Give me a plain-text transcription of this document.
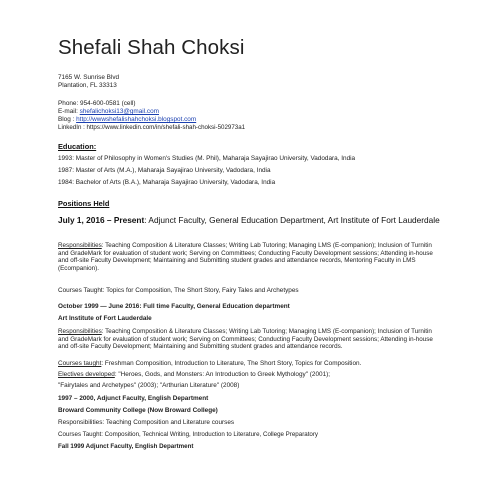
Shefali Shah Choksi
7165 W. Sunrise Blvd
Plantation, FL 33313
Phone: 954-600-0581 (cell)
E-mail: shefalichoksi13@gmail.com
Blog : http://wwwshefalishahchoksi.blogspot.com
LinkedIn : https://www.linkedin.com/in/shefali-shah-choksi-502973a1
Education:
1993: Master of Philosophy in Women's Studies (M. Phil), Maharaja Sayajirao University, Vadodara, India
1987: Master of Arts (M.A.), Maharaja Sayajirao University, Vadodara, India
1984: Bachelor of Arts (B.A.), Maharaja Sayajirao University, Vadodara, India
Positions Held
July 1, 2016 – Present: Adjunct Faculty, General Education Department, Art Institute of Fort Lauderdale
Responsibilities: Teaching Composition & Literature Classes; Writing Lab Tutoring; Managing LMS (E-companion); Inclusion of Turnitin and GradeMark for evaluation of student work; Serving on Committees; Conducting Faculty Development sessions; Attending in-house and off-site Faculty Development; Maintaining and Submitting student grades and attendance records, Mentoring Faculty in LMS (Ecompanion).
Courses Taught: Topics for Composition, The Short Story, Fairy Tales and Archetypes
October 1999 — June 2016: Full time Faculty, General Education department
Art Institute of Fort Lauderdale
Responsibilities: Teaching Composition & Literature Classes; Writing Lab Tutoring; Managing LMS (E-companion); Inclusion of Turnitin and GradeMark for evaluation of student work; Serving on Committees; Conducting Faculty Development sessions; Attending in-house and off-site Faculty Development; Maintaining and Submitting student grades and attendance records.
Courses taught: Freshman Composition, Introduction to Literature, The Short Story, Topics for Composition.
Electives developed: "Heroes, Gods, and Monsters: An Introduction to Greek Mythology" (2001);
"Fairytales and Archetypes" (2003); "Arthurian Literature" (2008)
1997 – 2000, Adjunct Faculty, English Department
Broward Community College (Now Broward College)
Responsibilities: Teaching Composition and Literature courses
Courses Taught: Composition, Technical Writing, Introduction to Literature, College Preparatory
Fall 1999 Adjunct Faculty, English Department
